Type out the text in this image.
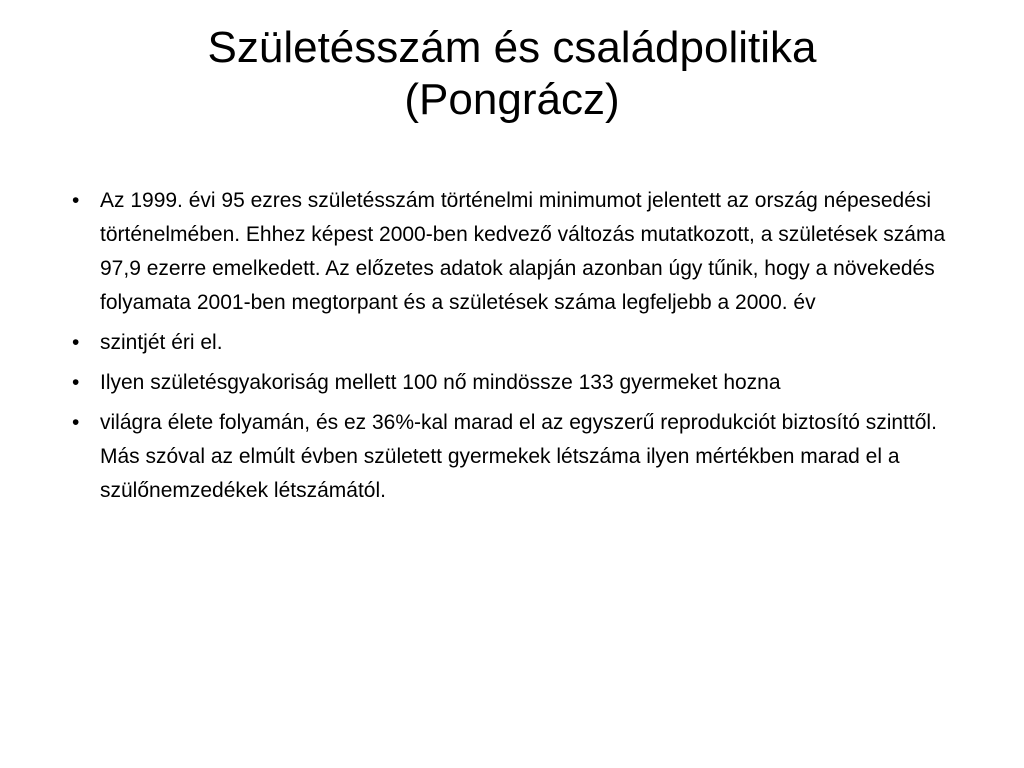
Születésszám és családpolitika
(Pongrácz)
• Az 1999. évi 95 ezres születésszám történelmi minimumot jelentett az ország népesedési történelmében. Ehhez képest 2000-ben kedvező változás mutatkozott, a születések száma 97,9 ezerre emelkedett. Az előzetes adatok alapján azonban úgy tűnik, hogy a növekedés folyamata 2001-ben megtorpant és a születések száma legfeljebb a 2000. év
• szintjét éri el.
• Ilyen születésgyakoriság mellett 100 nő mindössze 133 gyermeket hozna
• világra élete folyamán, és ez 36%-kal marad el az egyszerű reprodukciót biztosító szinttől. Más szóval az elmúlt évben született gyermekek létszáma ilyen mértékben marad el a szülőnemzedékek létszámától.
